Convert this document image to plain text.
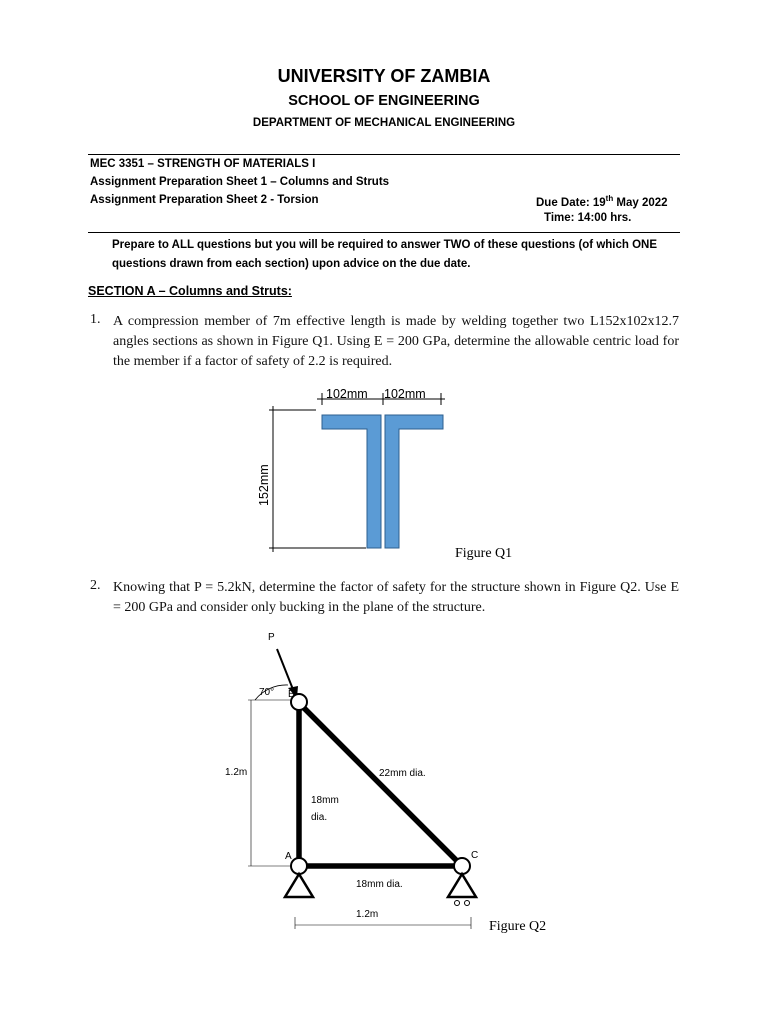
UNIVERSITY OF ZAMBIA
SCHOOL OF ENGINEERING
DEPARTMENT OF MECHANICAL ENGINEERING
MEC 3351 – STRENGTH OF MATERIALS I
Assignment Preparation Sheet 1 – Columns and Struts
Assignment Preparation Sheet 2 - Torsion	Due Date: 19th May 2022
Time: 14:00 hrs.
Prepare to ALL questions but you will be required to answer TWO of these questions (of which ONE questions drawn from each section) upon advice on the due date.
SECTION A – Columns and Struts:
1. A compression member of 7m effective length is made by welding together two L152x102x12.7 angles sections as shown in Figure Q1. Using E = 200 GPa, determine the allowable centric load for the member if a factor of safety of 2.2 is required.
102mm 102mm
152mm
Figure Q1
2. Knowing that P = 5.2kN, determine the factor of safety for the structure shown in Figure Q2. Use E = 200 GPa and consider only bucking in the plane of the structure.
P
70°
1.2m
B
A	C
18mm
dia.
22mm dia.
18mm dia.
1.2m
Figure Q2
